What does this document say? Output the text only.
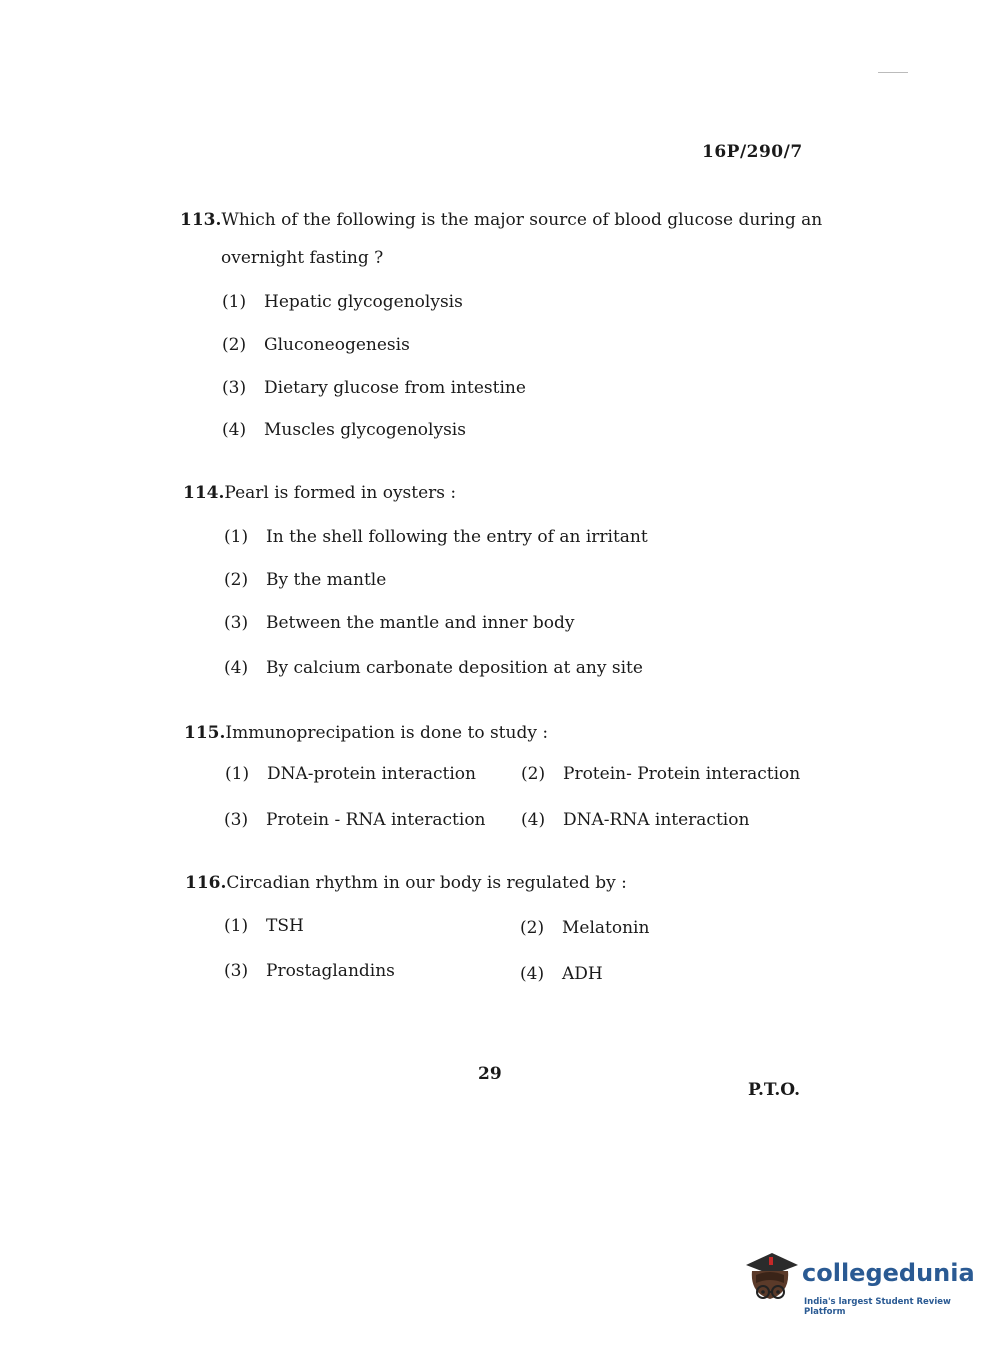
16P/290/7
113.Which of the following is the major source of blood glucose during an
overnight fasting ?
(1) Hepatic glycogenolysis
(2) Gluconeogenesis
(3) Dietary glucose from intestine
(4) Muscles glycogenolysis
114.Pearl is formed in oysters :
(1) In the shell following the entry of an irritant
(2) By the mantle
(3) Between the mantle and inner body
(4) By calcium carbonate deposition at any site
115.Immunoprecipation is done to study :
(1) DNA-protein interaction	(2) Protein- Protein interaction
(3) Protein - RNA interaction (4) DNA-RNA interaction
116.Circadian rhythm in our body is regulated by :
(1) TSH	(2) Melatonin
(3) Prostaglandins	(4) ADH
29
P.T.O.
collegedunia
India's largest Student Review Platform
